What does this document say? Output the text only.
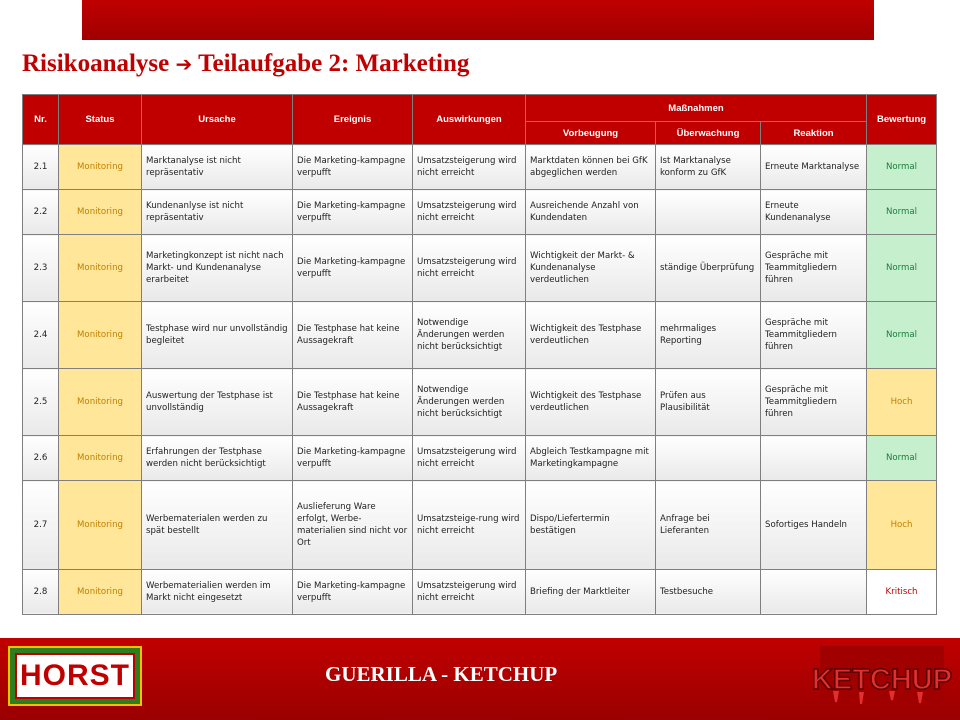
Risikoanalyse ➔ Teilaufgabe 2: Marketing
Nr.	Status	Ursache	Ereignis	Auswirkungen	Maßnahmen			Bewertung
					Vorbeugung	Überwachung	Reaktion	
2.1	Monitoring	Marktanalyse ist nicht repräsentativ	Die Marketing-kampagne verpufft	Umsatzsteigerung wird nicht erreicht	Marktdaten können bei GfK abgeglichen werden	Ist Marktanalyse konform zu GfK	Erneute Marktanalyse	Normal
2.2	Monitoring	Kundenanlyse ist nicht repräsentativ	Die Marketing-kampagne verpufft	Umsatzsteigerung wird nicht erreicht	Ausreichende Anzahl von Kundendaten		Erneute Kundenanalyse	Normal
2.3	Monitoring	Marketingkonzept ist nicht nach Markt- und Kundenanalyse erarbeitet	Die Marketing-kampagne verpufft	Umsatzsteigerung wird nicht erreicht	Wichtigkeit der Markt- & Kundenanalyse verdeutlichen	ständige Überprüfung	Gespräche mit Teammitgliedern führen	Normal
2.4	Monitoring	Testphase wird nur unvollständig begleitet	Die Testphase hat keine Aussagekraft	Notwendige Änderungen werden nicht berücksichtigt	Wichtigkeit des Testphase verdeutlichen	mehrmaliges Reporting	Gespräche mit Teammitgliedern führen	Normal
2.5	Monitoring	Auswertung der Testphase ist unvollständig	Die Testphase hat keine Aussagekraft	Notwendige Änderungen werden nicht berücksichtigt	Wichtigkeit des Testphase verdeutlichen	Prüfen aus Plausibilität	Gespräche mit Teammitgliedern führen	Hoch
2.6	Monitoring	Erfahrungen der Testphase werden nicht berücksichtigt	Die Marketing-kampagne verpufft	Umsatzsteigerung wird nicht erreicht	Abgleich Testkampagne mit Marketingkampagne			Normal
2.7	Monitoring	Werbematerialen werden zu spät bestellt	Auslieferung Ware erfolgt, Werbe-materialien sind nicht vor Ort	Umsatzsteige-rung wird nicht erreicht	Dispo/Liefertermin bestätigen	Anfrage bei Lieferanten	Sofortiges Handeln	Hoch
2.8	Monitoring	Werbematerialien werden im Markt nicht eingesetzt	Die Marketing-kampagne verpufft	Umsatzsteigerung wird nicht erreicht	Briefing der Marktleiter	Testbesuche		Kritisch
HORST	GUERILLA - KETCHUP	KETCHUP
